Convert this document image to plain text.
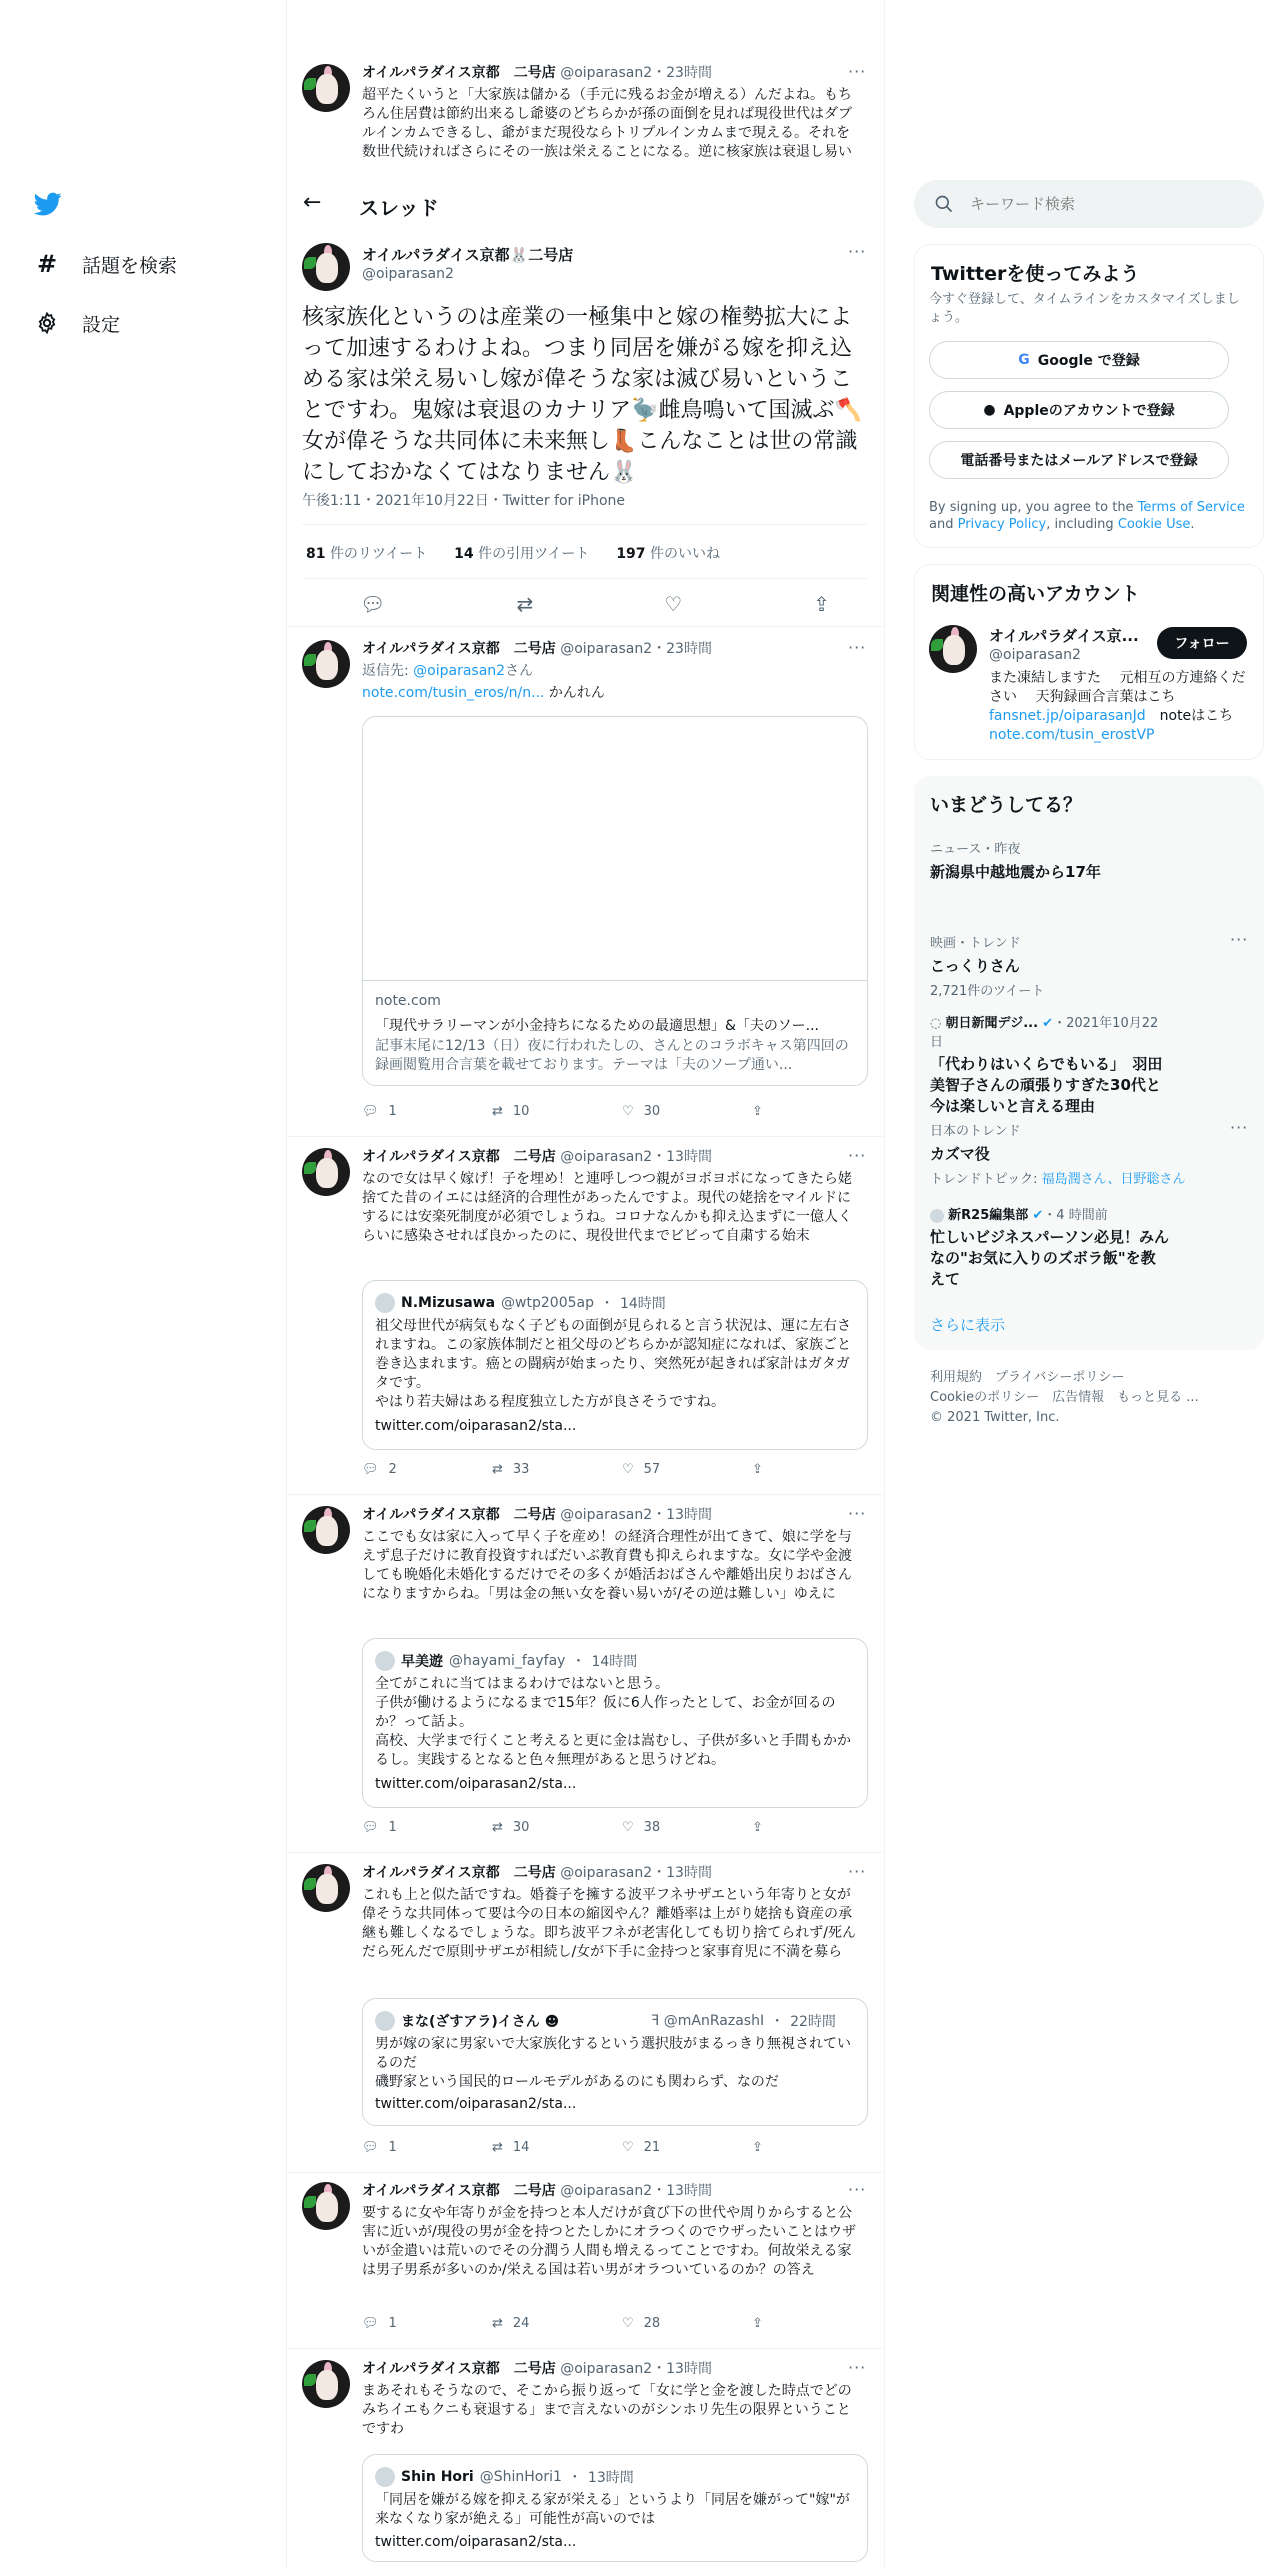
# 話題を検索
設定
オイルパラダイス京都　二号店 @oiparasan2・23時間	···
超平たくいうと「大家族は儲かる（手元に残るお金が増える）んだよね。もちろん住居費は節約出来るし爺婆のどちらかが孫の面倒を見れば現役世代はダブルインカムできるし、爺がまだ現役ならトリプルインカムまで現える。それを数世代続ければさらにその一族は栄えることになる。逆に核家族は衰退し易い
← スレッド
オイルパラダイス京都🐰二号店
@oiparasan2
···
核家族化というのは産業の一極集中と嫁の権勢拡大によって加速するわけよね。つまり同居を嫌がる嫁を抑え込める家は栄え易いし嫁が偉そうな家は滅び易いということですわ。鬼嫁は衰退のカナリア🦤雌鳥鳴いて国滅ぶ🪓女が偉そうな共同体に未来無し👢こんなことは世の常識にしておかなくてはなりません🐰
午後1:11・2021年10月22日・Twitter for iPhone
81 件のリツイート 14 件の引用ツイート 197 件のいいね
💬︎	⇄	♡	⇪
オイルパラダイス京都　二号店 @oiparasan2・23時間	···
返信先: @oiparasan2さん
note.com/tusin_eros/n/n... かんれん
note.com
「現代サラリーマンが小金持ちになるための最適思想」&「夫のソー...
記事末尾に12/13（日）夜に行われたしの、さんとのコラボキャス第四回の録画閲覧用合言葉を載せております。テーマは「夫のソープ通い...
💬︎ 1	⇄ 10	♡ 30	⇪
オイルパラダイス京都　二号店 @oiparasan2・13時間	···
なので女は早く嫁げ！子を埋め！と連呼しつつ親がヨボヨボになってきたら姥捨てた昔のイエには経済的合理性があったんですよ。現代の姥捨をマイルドにするには安楽死制度が必須でしょうね。コロナなんかも抑え込まずに一億人くらいに感染させれば良かったのに、現役世代までビビって自粛する始末
N.Mizusawa @wtp2005ap ・ 14時間
祖父母世代が病気もなく子どもの面倒が見られると言う状況は、運に左右されますね。この家族体制だと祖父母のどちらかが認知症になれば、家族ごと巻き込まれます。癌との闘病が始まったり、突然死が起きれば家計はガタガタです。
やはり若夫婦はある程度独立した方が良さそうですね。
twitter.com/oiparasan2/sta...
💬︎ 2	⇄ 33	♡ 57	⇪
オイルパラダイス京都　二号店 @oiparasan2・13時間	···
ここでも女は家に入って早く子を産め！の経済合理性が出てきて、娘に学を与えず息子だけに教育投資すればだいぶ教育費も抑えられますな。女に学や金渡しても晩婚化未婚化するだけでその多くが婚活おばさんや離婚出戻りおばさんになりますからね。「男は金の無い女を養い易いが/その逆は難しい」ゆえに
早美遊 @hayami_fayfay ・ 14時間
全てがこれに当てはまるわけではないと思う。
子供が働けるようになるまで15年？仮に6人作ったとして、お金が回るのか？って話よ。
高校、大学まで行くこと考えると更に金は嵩むし、子供が多いと手間もかかるし。実践するとなると色々無理があると思うけどね。
twitter.com/oiparasan2/sta...
💬︎ 1	⇄ 30	♡ 38	⇪
オイルパラダイス京都　二号店 @oiparasan2・13時間	···
これも上と似た話ですね。婚養子を擁する波平フネサザエという年寄りと女が偉そうな共同体って要は今の日本の縮図やん？離婚率は上がり姥捨も資産の承継も難しくなるでしょうな。即ち波平フネが老害化しても切り捨てられず/死んだら死んだで原則サザエが相続し/女が下手に金持つと家事育児に不満を募ら
まな(ざすアラ)イさん ☻	ꟻ @mAnRazashI ・ 22時間
男が嫁の家に男家いで大家族化するという選択肢がまるっきり無視されているのだ
磯野家という国民的ロールモデルがあるのにも関わらず、なのだ
twitter.com/oiparasan2/sta...
💬︎ 1	⇄ 14	♡ 21	⇪
オイルパラダイス京都　二号店 @oiparasan2・13時間	···
要するに女や年寄りが金を持つと本人だけが貪び下の世代や周りからすると公害に近いが/現役の男が金を持つとたしかにオラつくのでウザったいことはウザいが金遣いは荒いのでその分潤う人間も増えるってことですわ。何故栄える家は男子男系が多いのか/栄える国は若い男がオラついているのか？の答え
💬︎ 1	⇄ 24	♡ 28	⇪
オイルパラダイス京都　二号店 @oiparasan2・13時間	···
まあそれもそうなので、そこから振り返って「女に学と金を渡した時点でどのみちイエもクニも衰退する」まで言えないのがシンホリ先生の限界ということですわ
Shin Hori @ShinHori1 ・ 13時間
「同居を嫌がる嫁を抑える家が栄える」というより「同居を嫌がって"嫁"が来なくなり家が絶える」可能性が高いのでは
twitter.com/oiparasan2/sta...
キーワード検索
Twitterを使ってみよう
今すぐ登録して、タイムラインをカスタマイズしましょう。
G Google で登録
● Appleのアカウントで登録
電話番号またはメールアドレスで登録
By signing up, you agree to the Terms of Service and Privacy Policy, including Cookie Use.
関連性の高いアカウント
オイルパラダイス京...
@oiparasan2
フォロー
また凍結しますた　 元相互の方連絡ください　 天狗録画合言葉はこちfansnet.jp/oiparasanJd　noteはこちnote.com/tusin_erostVP
いまどうしてる？
ニュース・昨夜
新潟県中越地震から17年
映画・トレンド
こっくりさん
2,721件のツイート
···
◌ 朝日新聞デジ... ✔・2021年10月22日
「代わりはいくらでもいる」　羽田美智子さんの頑張りすぎた30代と今は楽しいと言える理由
日本のトレンド
カズマ役
トレンドトピック: 福島潤さん、日野聡さん
···
新R25編集部 ✔・4 時間前
忙しいビジネスパーソン必見！みんなの"お気に入りのズボラ飯"を教えて
さらに表示
利用規約　 プライバシーポリシー
Cookieのポリシー　 広告情報　 もっと見る ...
© 2021 Twitter, Inc.
